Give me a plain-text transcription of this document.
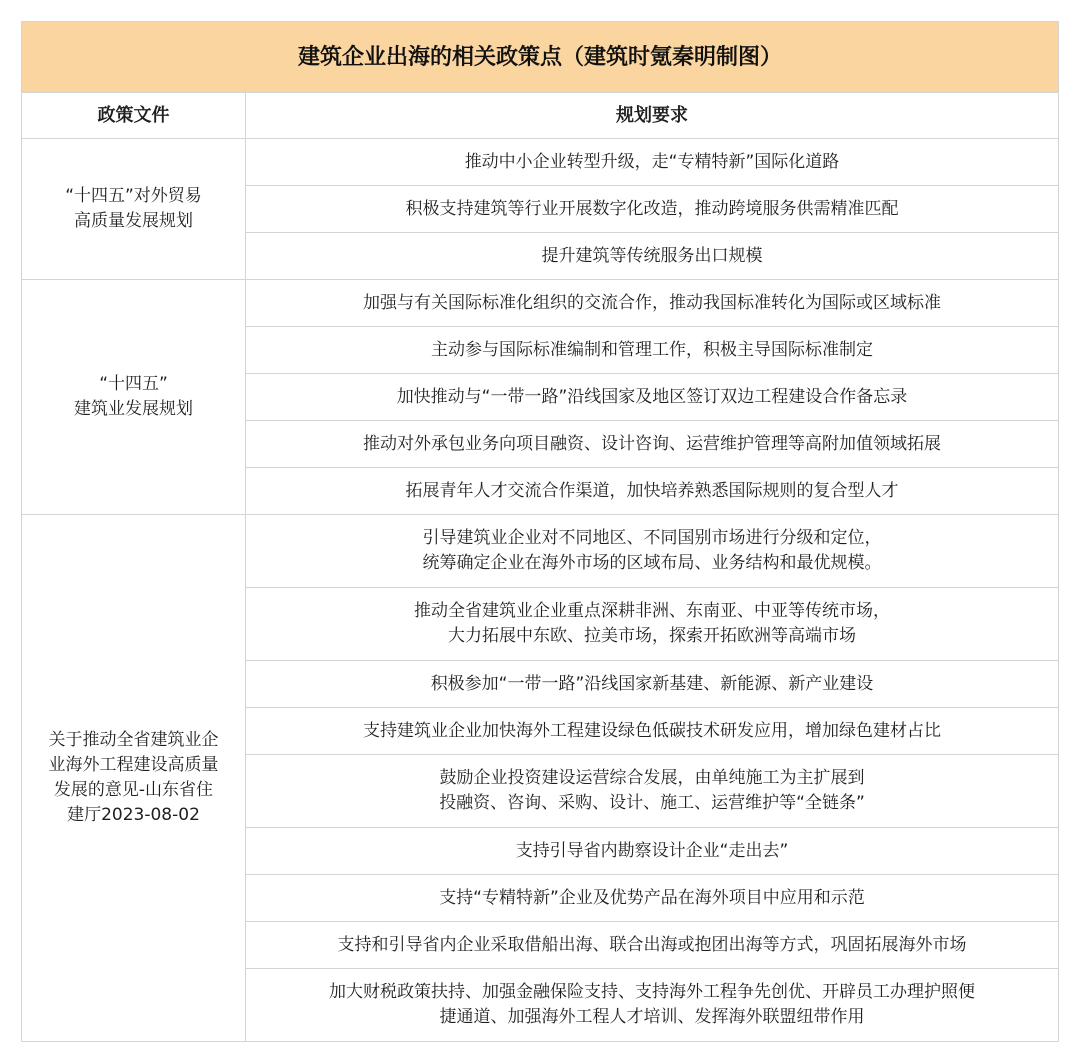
建筑企业出海的相关政策点（建筑时氪秦明制图）	
政策文件	规划要求

“十四五”对外贸易
高质量发展规划	推动中小企业转型升级，走“专精特新”国际化道路

	积极支持建筑等行业开展数字化改造，推动跨境服务供需精准匹配

	提升建筑等传统服务出口规模

“十四五”
建筑业发展规划	加强与有关国际标准化组织的交流合作，推动我国标准转化为国际或区域标准

	主动参与国际标准编制和管理工作，积极主导国际标准制定

	加快推动与“一带一路”沿线国家及地区签订双边工程建设合作备忘录

	推动对外承包业务向项目融资、设计咨询、运营维护管理等高附加值领域拓展

	拓展青年人才交流合作渠道，加快培养熟悉国际规则的复合型人才

关于推动全省建筑业企
业海外工程建设高质量
发展的意见-山东省住
建厅2023-08-02	引导建筑业企业对不同地区、不同国别市场进行分级和定位，
统筹确定企业在海外市场的区域布局、业务结构和最优规模。

	推动全省建筑业企业重点深耕非洲、东南亚、中亚等传统市场，
大力拓展中东欧、拉美市场，探索开拓欧洲等高端市场

	积极参加“一带一路”沿线国家新基建、新能源、新产业建设

	支持建筑业企业加快海外工程建设绿色低碳技术研发应用，增加绿色建材占比

	鼓励企业投资建设运营综合发展，由单纯施工为主扩展到
投融资、咨询、采购、设计、施工、运营维护等“全链条”

	支持引导省内勘察设计企业“走出去”

	支持“专精特新”企业及优势产品在海外项目中应用和示范

	支持和引导省内企业采取借船出海、联合出海或抱团出海等方式，巩固拓展海外市场

	加大财税政策扶持、加强金融保险支持、支持海外工程争先创优、开辟员工办理护照便
捷通道、加强海外工程人才培训、发挥海外联盟纽带作用
